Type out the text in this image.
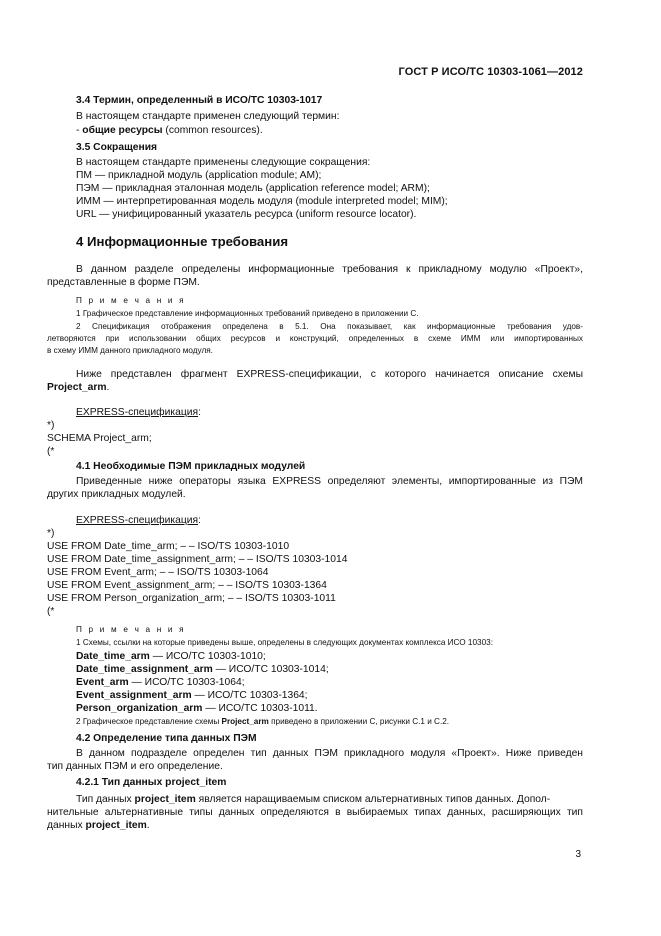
ГОСТ Р ИСО/ТС 10303-1061—2012
3.4 Термин, определенный в ИСО/ТС 10303-1017
В настоящем стандарте применен следующий термин:
- общие ресурсы (common resources).
3.5 Сокращения
В настоящем стандарте применены следующие сокращения:
ПМ — прикладной модуль (application module; AM);
ПЭМ — прикладная эталонная модель (application reference model; ARM);
ИММ — интерпретированная модель модуля (module interpreted model; MIM);
URL — унифицированный указатель ресурса (uniform resource locator).
4 Информационные требования
В данном разделе определены информационные требования к прикладному модулю «Проект»,
представленные в форме ПЭМ.
П р и м е ч а н и я
1 Графическое представление информационных требований приведено в приложении С.
2 Спецификация отображения определена в 5.1. Она показывает, как информационные требования удов-
летворяются при использовании общих ресурсов и конструкций, определенных в схеме ИММ или импортированных
в схему ИММ данного прикладного модуля.
Ниже представлен фрагмент EXPRESS-спецификации, с которого начинается описание схемы
Project_arm.
EXPRESS-спецификация:
*)
SCHEMA Project_arm;
(*
4.1 Необходимые ПЭМ прикладных модулей
Приведенные ниже операторы языка EXPRESS определяют элементы, импортированные из ПЭМ
других прикладных модулей.
EXPRESS-спецификация:
*)
USE FROM Date_time_arm; – – ISO/TS 10303-1010
USE FROM Date_time_assignment_arm; – – ISO/TS 10303-1014
USE FROM Event_arm; – – ISO/TS 10303-1064
USE FROM Event_assignment_arm; – – ISO/TS 10303-1364
USE FROM Person_organization_arm; – – ISO/TS 10303-1011
(*
П р и м е ч а н и я
1 Схемы, ссылки на которые приведены выше, определены в следующих документах комплекса ИСО 10303:
Date_time_arm — ИСО/ТС 10303-1010;
Date_time_assignment_arm — ИСО/ТС 10303-1014;
Event_arm — ИСО/ТС 10303-1064;
Event_assignment_arm — ИСО/ТС 10303-1364;
Person_organization_arm — ИСО/ТС 10303-1011.
2 Графическое представление схемы Project_arm приведено в приложении С, рисунки С.1 и С.2.
4.2 Определение типа данных ПЭМ
В данном подразделе определен тип данных ПЭМ прикладного модуля «Проект». Ниже приведен
тип данных ПЭМ и его определение.
4.2.1 Тип данных project_item
Тип данных project_item является наращиваемым списком альтернативных типов данных. Допол-
нительные альтернативные типы данных определяются в выбираемых типах данных, расширяющих тип
данных project_item.
3
